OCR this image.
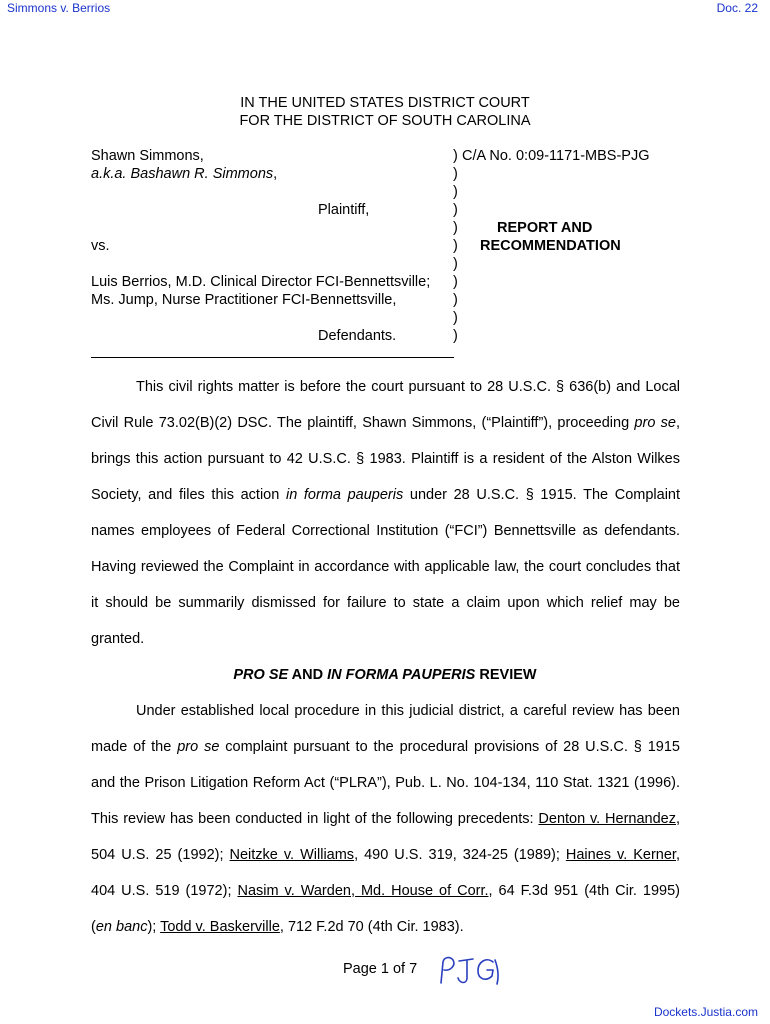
Simmons v. Berrios	Doc. 22
IN THE UNITED STATES DISTRICT COURT
FOR THE DISTRICT OF SOUTH CAROLINA
Shawn Simmons,
a.k.a. Bashawn R. Simmons,
Plaintiff,
vs.
Luis Berrios, M.D. Clinical Director FCI-Bennettsville;
Ms. Jump, Nurse Practitioner FCI-Bennettsville,
Defendants.
)
)
)
)
)
)
)
)
)
)
)
C/A No. 0:09-1171-MBS-PJG
REPORT AND
RECOMMENDATION
This civil rights matter is before the court pursuant to 28 U.S.C. § 636(b) and Local
Civil Rule 73.02(B)(2) DSC. The plaintiff, Shawn Simmons, (“Plaintiff”), proceeding pro se,
brings this action pursuant to 42 U.S.C. § 1983. Plaintiff is a resident of the Alston Wilkes
Society, and files this action in forma pauperis under 28 U.S.C. § 1915. The Complaint
names employees of Federal Correctional Institution (“FCI”) Bennettsville as defendants.
Having reviewed the Complaint in accordance with applicable law, the court concludes that
it should be summarily dismissed for failure to state a claim upon which relief may be
granted.
PRO SE AND IN FORMA PAUPERIS REVIEW
Under established local procedure in this judicial district, a careful review has been
made of the pro se complaint pursuant to the procedural provisions of 28 U.S.C. § 1915
and the Prison Litigation Reform Act (“PLRA”), Pub. L. No. 104-134, 110 Stat. 1321 (1996).
This review has been conducted in light of the following precedents: Denton v. Hernandez,
504 U.S. 25 (1992); Neitzke v. Williams, 490 U.S. 319, 324-25 (1989); Haines v. Kerner,
404 U.S. 519 (1972); Nasim v. Warden, Md. House of Corr., 64 F.3d 951 (4th Cir. 1995)
(en banc); Todd v. Baskerville, 712 F.2d 70 (4th Cir. 1983).
Page 1 of 7
Dockets.Justia.com
